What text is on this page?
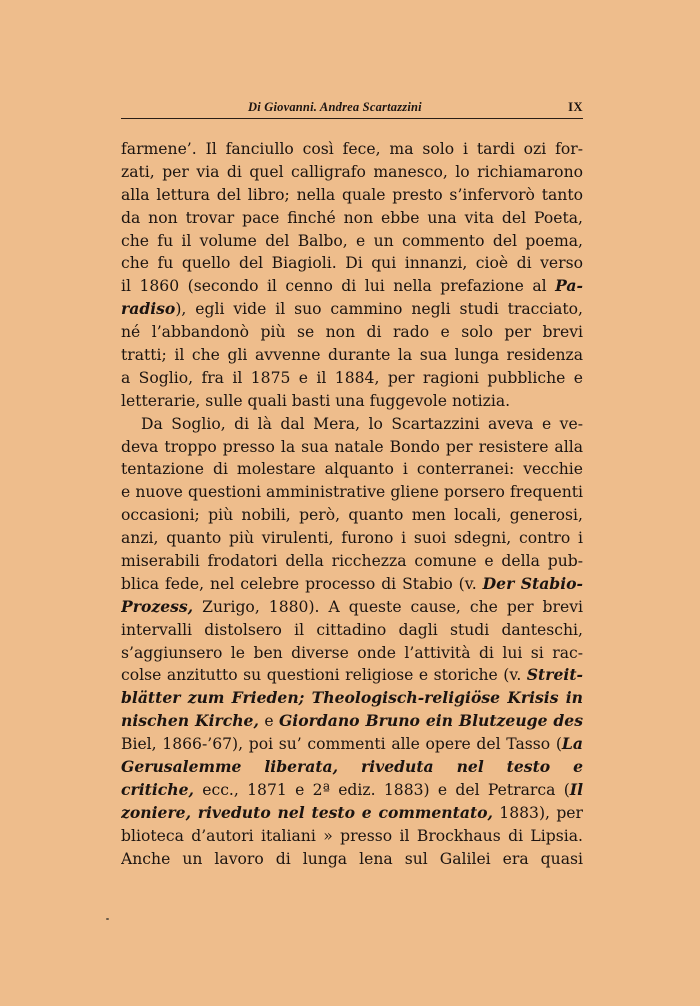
Di Giovanni. Andrea Scartazzini	IX
farmene’. Il fanciullo così fece, ma solo i tardi ozi for-
zati, per via di quel calligrafo manesco, lo richiamarono
alla lettura del libro; nella quale presto s’infervorò tanto
da non trovar pace finché non ebbe una vita del Poeta,
che fu il volume del Balbo, e un commento del poema,
che fu quello del Biagioli. Di qui innanzi, cioè di verso
il 1860 (secondo il cenno di lui nella prefazione al Pa-
radiso), egli vide il suo cammino negli studi tracciato,
né l’abbandonò più se non di rado e solo per brevi
tratti; il che gli avvenne durante la sua lunga residenza
a Soglio, fra il 1875 e il 1884, per ragioni pubbliche e
letterarie, sulle quali basti una fuggevole notizia.
Da Soglio, di là dal Mera, lo Scartazzini aveva e ve-
deva troppo presso la sua natale Bondo per resistere alla
tentazione di molestare alquanto i conterranei: vecchie
e nuove questioni amministrative gliene porsero frequenti
occasioni; più nobili, però, quanto men locali, generosi,
anzi, quanto più virulenti, furono i suoi sdegni, contro i
miserabili frodatori della ricchezza comune e della pub-
blica fede, nel celebre processo di Stabio (v. Der Stabio-
Prozess, Zurigo, 1880). A queste cause, che per brevi
intervalli distolsero il cittadino dagli studi danteschi,
s’aggiunsero le ben diverse onde l’attività di lui si rac-
colse anzitutto su questioni religiose e storiche (v. Streit-
blätter zum Frieden; Theologisch-religiöse Krisis in
nischen Kirche, e Giordano Bruno ein Blutzeuge des
Biel, 1866-’67), poi su’ commenti alle opere del Tasso (La
Gerusalemme liberata, riveduta nel testo e
critiche, ecc., 1871 e 2ª ediz. 1883) e del Petrarca (Il
zoniere, riveduto nel testo e commentato, 1883), per
blioteca d’autori italiani » presso il Brockhaus di Lipsia.
Anche un lavoro di lunga lena sul Galilei era quasi
